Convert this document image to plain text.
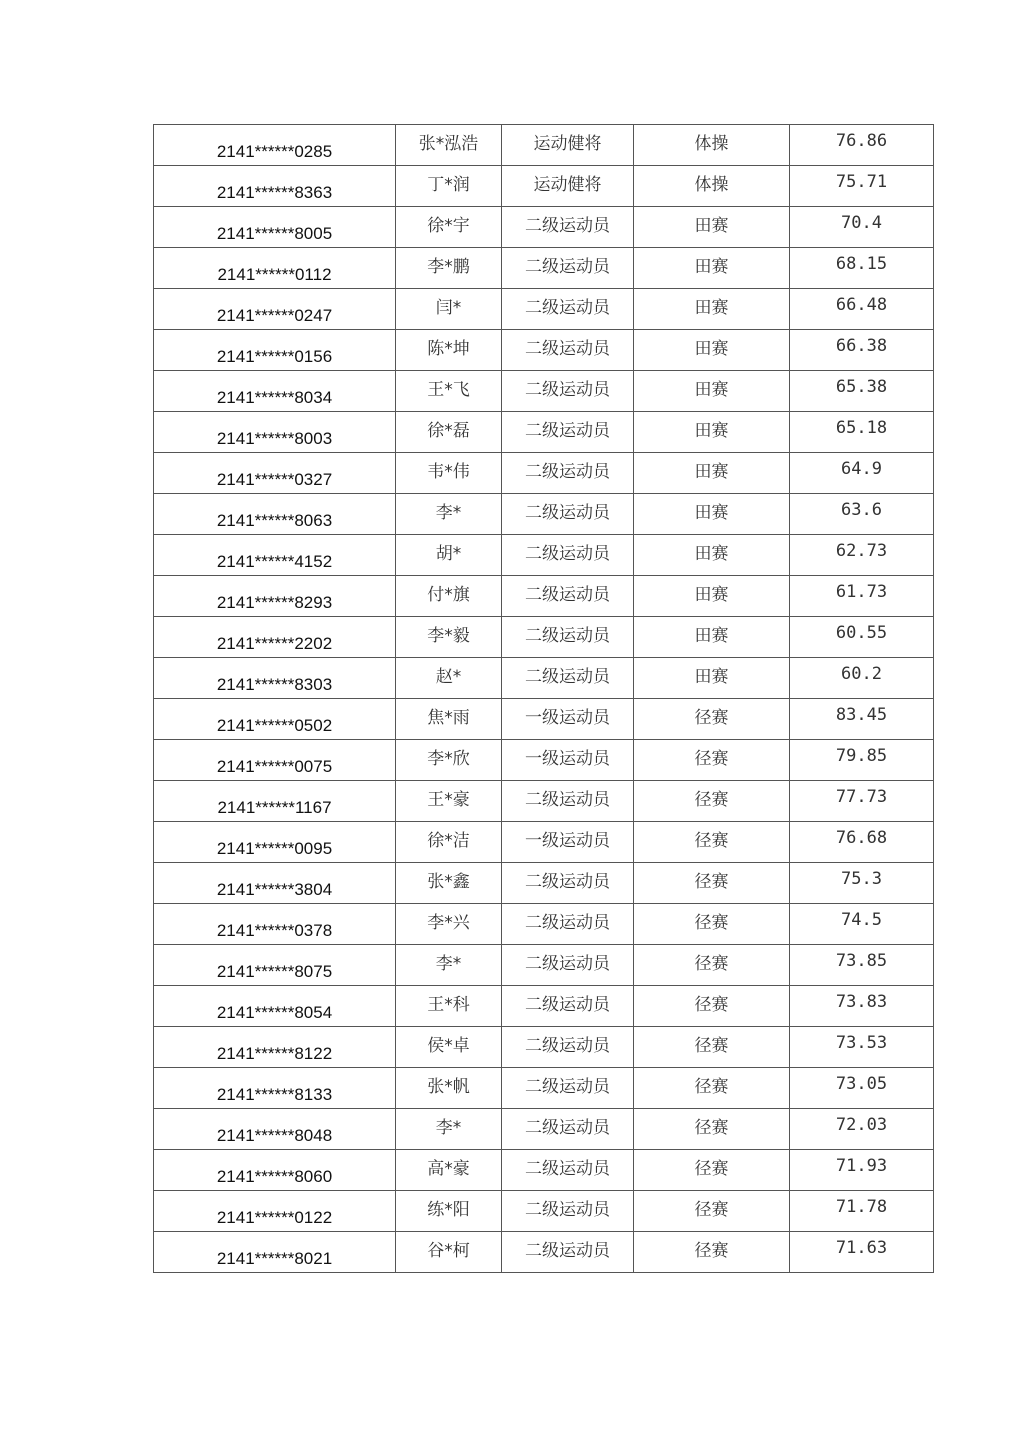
2141******0285	张*泓浩	运动健将	体操	76.86
2141******8363	丁*润	运动健将	体操	75.71
2141******8005	徐*宇	二级运动员	田赛	70.4
2141******0112	李*鹏	二级运动员	田赛	68.15
2141******0247	闫*	二级运动员	田赛	66.48
2141******0156	陈*坤	二级运动员	田赛	66.38
2141******8034	王*飞	二级运动员	田赛	65.38
2141******8003	徐*磊	二级运动员	田赛	65.18
2141******0327	韦*伟	二级运动员	田赛	64.9
2141******8063	李*	二级运动员	田赛	63.6
2141******4152	胡*	二级运动员	田赛	62.73
2141******8293	付*旗	二级运动员	田赛	61.73
2141******2202	李*毅	二级运动员	田赛	60.55
2141******8303	赵*	二级运动员	田赛	60.2
2141******0502	焦*雨	一级运动员	径赛	83.45
2141******0075	李*欣	一级运动员	径赛	79.85
2141******1167	王*豪	二级运动员	径赛	77.73
2141******0095	徐*洁	一级运动员	径赛	76.68
2141******3804	张*鑫	二级运动员	径赛	75.3
2141******0378	李*兴	二级运动员	径赛	74.5
2141******8075	李*	二级运动员	径赛	73.85
2141******8054	王*科	二级运动员	径赛	73.83
2141******8122	侯*卓	二级运动员	径赛	73.53
2141******8133	张*帆	二级运动员	径赛	73.05
2141******8048	李*	二级运动员	径赛	72.03
2141******8060	高*豪	二级运动员	径赛	71.93
2141******0122	练*阳	二级运动员	径赛	71.78
2141******8021	谷*柯	二级运动员	径赛	71.63
